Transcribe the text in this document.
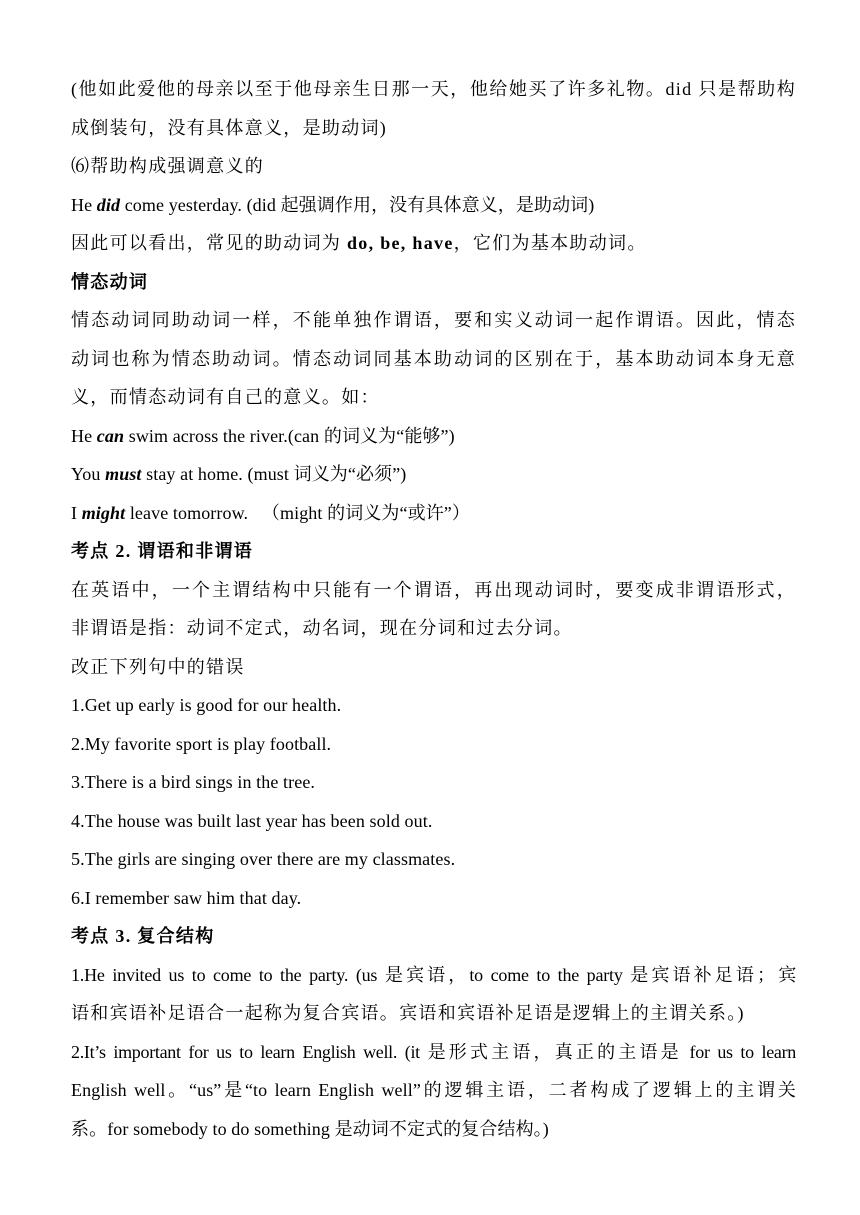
(他如此爱他的母亲以至于他母亲生日那一天，他给她买了许多礼物。did 只是帮助构
成倒装句，没有具体意义，是助动词)
⑹帮助构成强调意义的
He did come yesterday. (did 起强调作用，没有具体意义，是助动词)
因此可以看出，常见的助动词为 do, be, have，它们为基本助动词。
情态动词
情态动词同助动词一样，不能单独作谓语，要和实义动词一起作谓语。因此，情态
动词也称为情态助动词。情态动词同基本助动词的区别在于，基本助动词本身无意
义，而情态动词有自己的意义。如：
He can swim across the river.(can 的词义为“能够”)
You must stay at home. (must 词义为“必须”)
I might leave tomorrow.   （might 的词义为“或许”）
考点 2. 谓语和非谓语
在英语中，一个主谓结构中只能有一个谓语，再出现动词时，要变成非谓语形式，
非谓语是指：动词不定式，动名词，现在分词和过去分词。
改正下列句中的错误
1.Get up early is good for our health.
2.My favorite sport is play football.
3.There is a bird sings in the tree.
4.The house was built last year has been sold out.
5.The girls are singing over there are my classmates.
6.I remember saw him that day.
考点 3. 复合结构
1.He invited us to come to the party. (us 是宾语，to come to the party 是宾语补足语；宾
语和宾语补足语合一起称为复合宾语。宾语和宾语补足语是逻辑上的主谓关系。)
2.It’s important for us to learn English well. (it 是形式主语，真正的主语是 for us to learn
English well。“us”是“to learn English well”的逻辑主语，二者构成了逻辑上的主谓关
系。for somebody to do something 是动词不定式的复合结构。)
